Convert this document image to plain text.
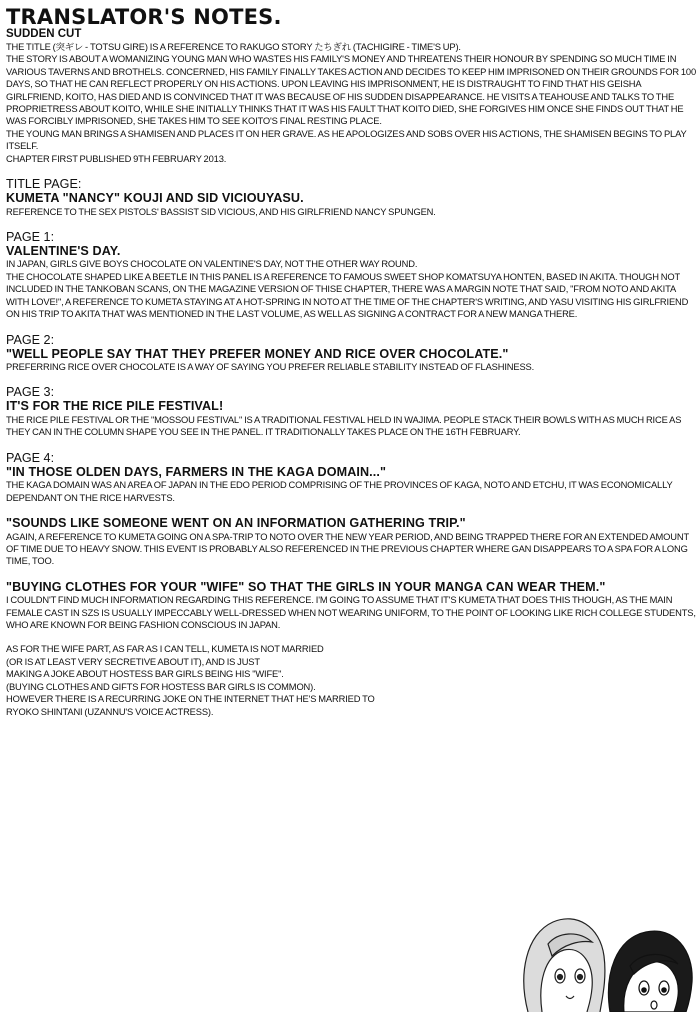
TRANSLATOR'S NOTES.
SUDDEN CUT

THE TITLE (突ギレ - TOTSU GIRE) IS A REFERENCE TO RAKUGO STORY たちぎれ (TACHIGIRE - TIME'S UP).

THE STORY IS ABOUT A WOMANIZING YOUNG MAN WHO WASTES HIS FAMILY'S MONEY AND THREATENS THEIR HONOUR BY SPENDING SO MUCH TIME IN VARIOUS TAVERNS AND BROTHELS. CONCERNED, HIS FAMILY FINALLY TAKES ACTION AND DECIDES TO KEEP HIM IMPRISONED ON THEIR GROUNDS FOR 100 DAYS, SO THAT HE CAN REFLECT PROPERLY ON HIS ACTIONS. UPON LEAVING HIS IMPRISONMENT, HE IS DISTRAUGHT TO FIND THAT HIS GEISHA GIRLFRIEND, KOITO, HAS DIED AND IS CONVINCED THAT IT WAS BECAUSE OF HIS SUDDEN DISAPPEARANCE. HE VISITS A TEAHOUSE AND TALKS TO THE PROPRIETRESS ABOUT KOITO, WHILE SHE INITIALLY THINKS THAT IT WAS HIS FAULT THAT KOITO DIED, SHE FORGIVES HIM ONCE SHE FINDS OUT THAT HE WAS FORCIBLY IMPRISONED, SHE TAKES HIM TO SEE KOITO'S FINAL RESTING PLACE.

THE YOUNG MAN BRINGS A SHAMISEN AND PLACES IT ON HER GRAVE. AS HE APOLOGIZES AND SOBS OVER HIS ACTIONS, THE SHAMISEN BEGINS TO PLAY ITSELF.

CHAPTER FIRST PUBLISHED 9TH FEBRUARY 2013.

TITLE PAGE:
KUMETA "NANCY" KOUJI AND SID VICIOUYASU.

REFERENCE TO THE SEX PISTOLS' BASSIST SID VICIOUS, AND HIS GIRLFRIEND NANCY SPUNGEN.

PAGE 1:
VALENTINE'S DAY.

IN JAPAN, GIRLS GIVE BOYS CHOCOLATE ON VALENTINE'S DAY, NOT THE OTHER WAY ROUND.

THE CHOCOLATE SHAPED LIKE A BEETLE IN THIS PANEL IS A REFERENCE TO FAMOUS SWEET SHOP KOMATSUYA HONTEN, BASED IN AKITA. THOUGH NOT INCLUDED IN THE TANKOBAN SCANS, ON THE MAGAZINE VERSION OF THISE CHAPTER, THERE WAS A MARGIN NOTE THAT SAID, "FROM NOTO AND AKITA WITH LOVE!", A REFERENCE TO KUMETA STAYING AT A HOT-SPRING IN NOTO AT THE TIME OF THE CHAPTER'S WRITING, AND YASU VISITING HIS GIRLFRIEND ON HIS TRIP TO AKITA THAT WAS MENTIONED IN THE LAST VOLUME, AS WELL AS SIGNING A CONTRACT FOR A NEW MANGA THERE.

PAGE 2:
"WELL PEOPLE SAY THAT THEY PREFER MONEY AND RICE OVER CHOCOLATE."

PREFERRING RICE OVER CHOCOLATE IS A WAY OF SAYING YOU PREFER RELIABLE STABILITY INSTEAD OF FLASHINESS.

PAGE 3:
IT'S FOR THE RICE PILE FESTIVAL!

THE RICE PILE FESTIVAL OR THE "MOSSOU FESTIVAL" IS A TRADITIONAL FESTIVAL HELD IN WAJIMA. PEOPLE STACK THEIR BOWLS WITH AS MUCH RICE AS THEY CAN IN THE COLUMN SHAPE YOU SEE IN THE PANEL. IT TRADITIONALLY TAKES PLACE ON THE 16TH FEBRUARY.

PAGE 4:
"IN THOSE OLDEN DAYS, FARMERS IN THE KAGA DOMAIN..."

THE KAGA DOMAIN WAS AN AREA OF JAPAN IN THE EDO PERIOD COMPRISING OF THE PROVINCES OF KAGA, NOTO AND ETCHU, IT WAS ECONOMICALLY DEPENDANT ON THE RICE HARVESTS.

"SOUNDS LIKE SOMEONE WENT ON AN INFORMATION GATHERING TRIP."

AGAIN, A REFERENCE TO KUMETA GOING ON A SPA-TRIP TO NOTO OVER THE NEW YEAR PERIOD, AND BEING TRAPPED THERE FOR AN EXTENDED AMOUNT OF TIME DUE TO HEAVY SNOW. THIS EVENT IS PROBABLY ALSO REFERENCED IN THE PREVIOUS CHAPTER WHERE GAN DISAPPEARS TO A SPA FOR A LONG TIME, TOO.

"BUYING CLOTHES FOR YOUR "WIFE" SO THAT THE GIRLS IN YOUR MANGA CAN WEAR THEM."

I COULDN'T FIND MUCH INFORMATION REGARDING THIS REFERENCE. I'M GOING TO ASSUME THAT IT'S KUMETA THAT DOES THIS THOUGH, AS THE MAIN FEMALE CAST IN SZS IS USUALLY IMPECCABLY WELL-DRESSED WHEN NOT WEARING UNIFORM, TO THE POINT OF LOOKING LIKE RICH COLLEGE STUDENTS, WHO ARE KNOWN FOR BEING FASHION CONSCIOUS IN JAPAN.

AS FOR THE WIFE PART, AS FAR AS I CAN TELL, KUMETA IS NOT MARRIED

(OR IS AT LEAST VERY SECRETIVE ABOUT IT), AND IS JUST

MAKING A JOKE ABOUT HOSTESS BAR GIRLS BEING HIS "WIFE".

(BUYING CLOTHES AND GIFTS FOR HOSTESS BAR GIRLS IS COMMON).

HOWEVER THERE IS A RECURRING JOKE ON THE INTERNET THAT HE'S MARRIED TO

RYOKO SHINTANI (UZANNU'S VOICE ACTRESS).
